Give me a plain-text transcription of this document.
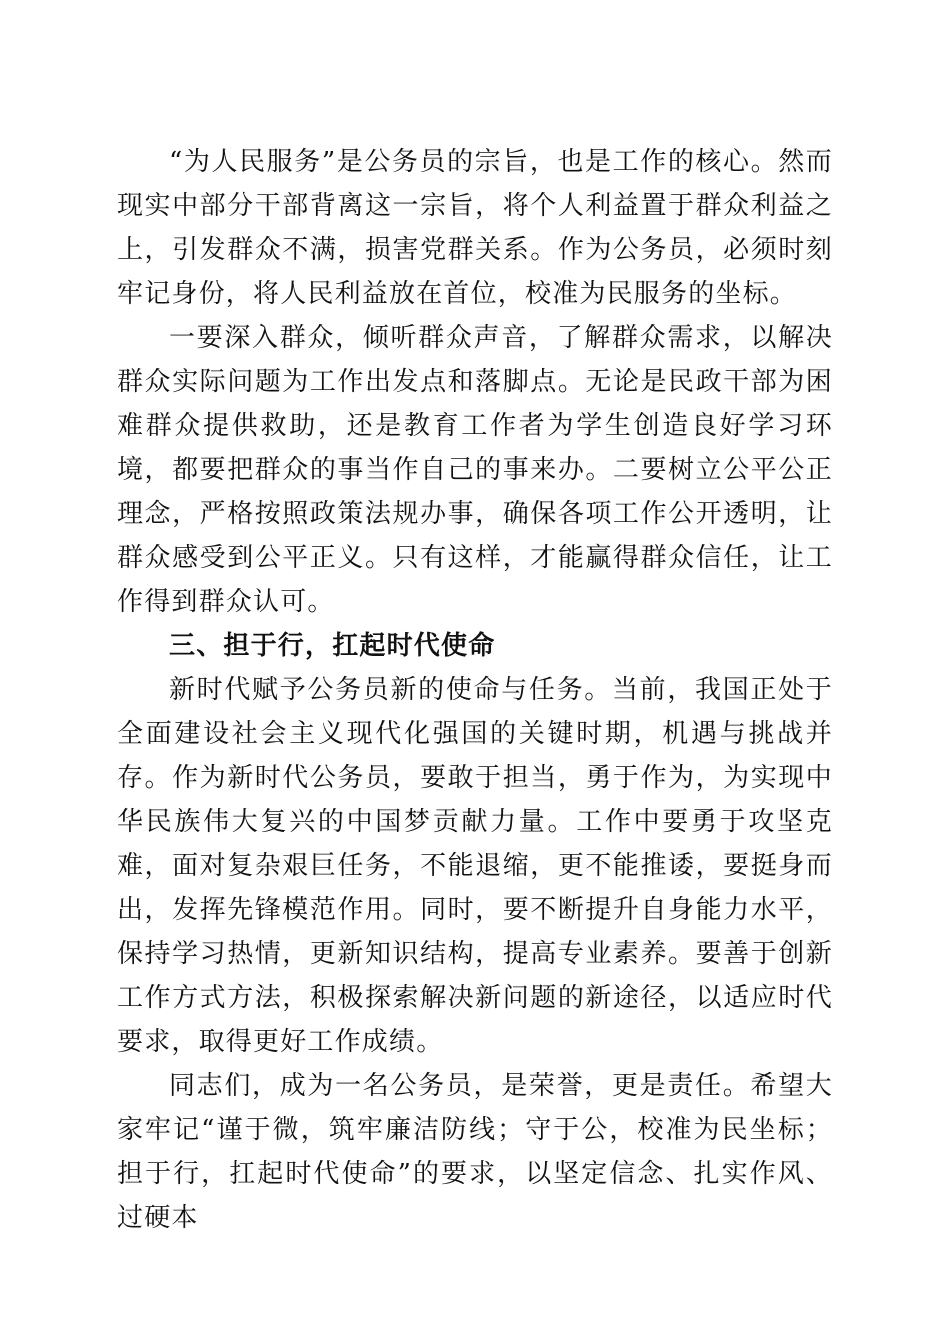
“为人民服务”是公务员的宗旨，也是工作的核心。然而现实中部分干部背离这一宗旨，将个人利益置于群众利益之上，引发群众不满，损害党群关系。作为公务员，必须时刻牢记身份，将人民利益放在首位，校准为民服务的坐标。

一要深入群众，倾听群众声音，了解群众需求，以解决群众实际问题为工作出发点和落脚点。无论是民政干部为困难群众提供救助，还是教育工作者为学生创造良好学习环境，都要把群众的事当作自己的事来办。二要树立公平公正理念，严格按照政策法规办事，确保各项工作公开透明，让群众感受到公平正义。只有这样，才能赢得群众信任，让工作得到群众认可。

三、担于行，扛起时代使命

新时代赋予公务员新的使命与任务。当前，我国正处于全面建设社会主义现代化强国的关键时期，机遇与挑战并存。作为新时代公务员，要敢于担当，勇于作为，为实现中华民族伟大复兴的中国梦贡献力量。工作中要勇于攻坚克难，面对复杂艰巨任务，不能退缩，更不能推诿，要挺身而出，发挥先锋模范作用。同时，要不断提升自身能力水平，保持学习热情，更新知识结构，提高专业素养。要善于创新工作方式方法，积极探索解决新问题的新途径，以适应时代要求，取得更好工作成绩。

同志们，成为一名公务员，是荣誉，更是责任。希望大家牢记“谨于微，筑牢廉洁防线；守于公，校准为民坐标；担于行，扛起时代使命”的要求，以坚定信念、扎实作风、过硬本
